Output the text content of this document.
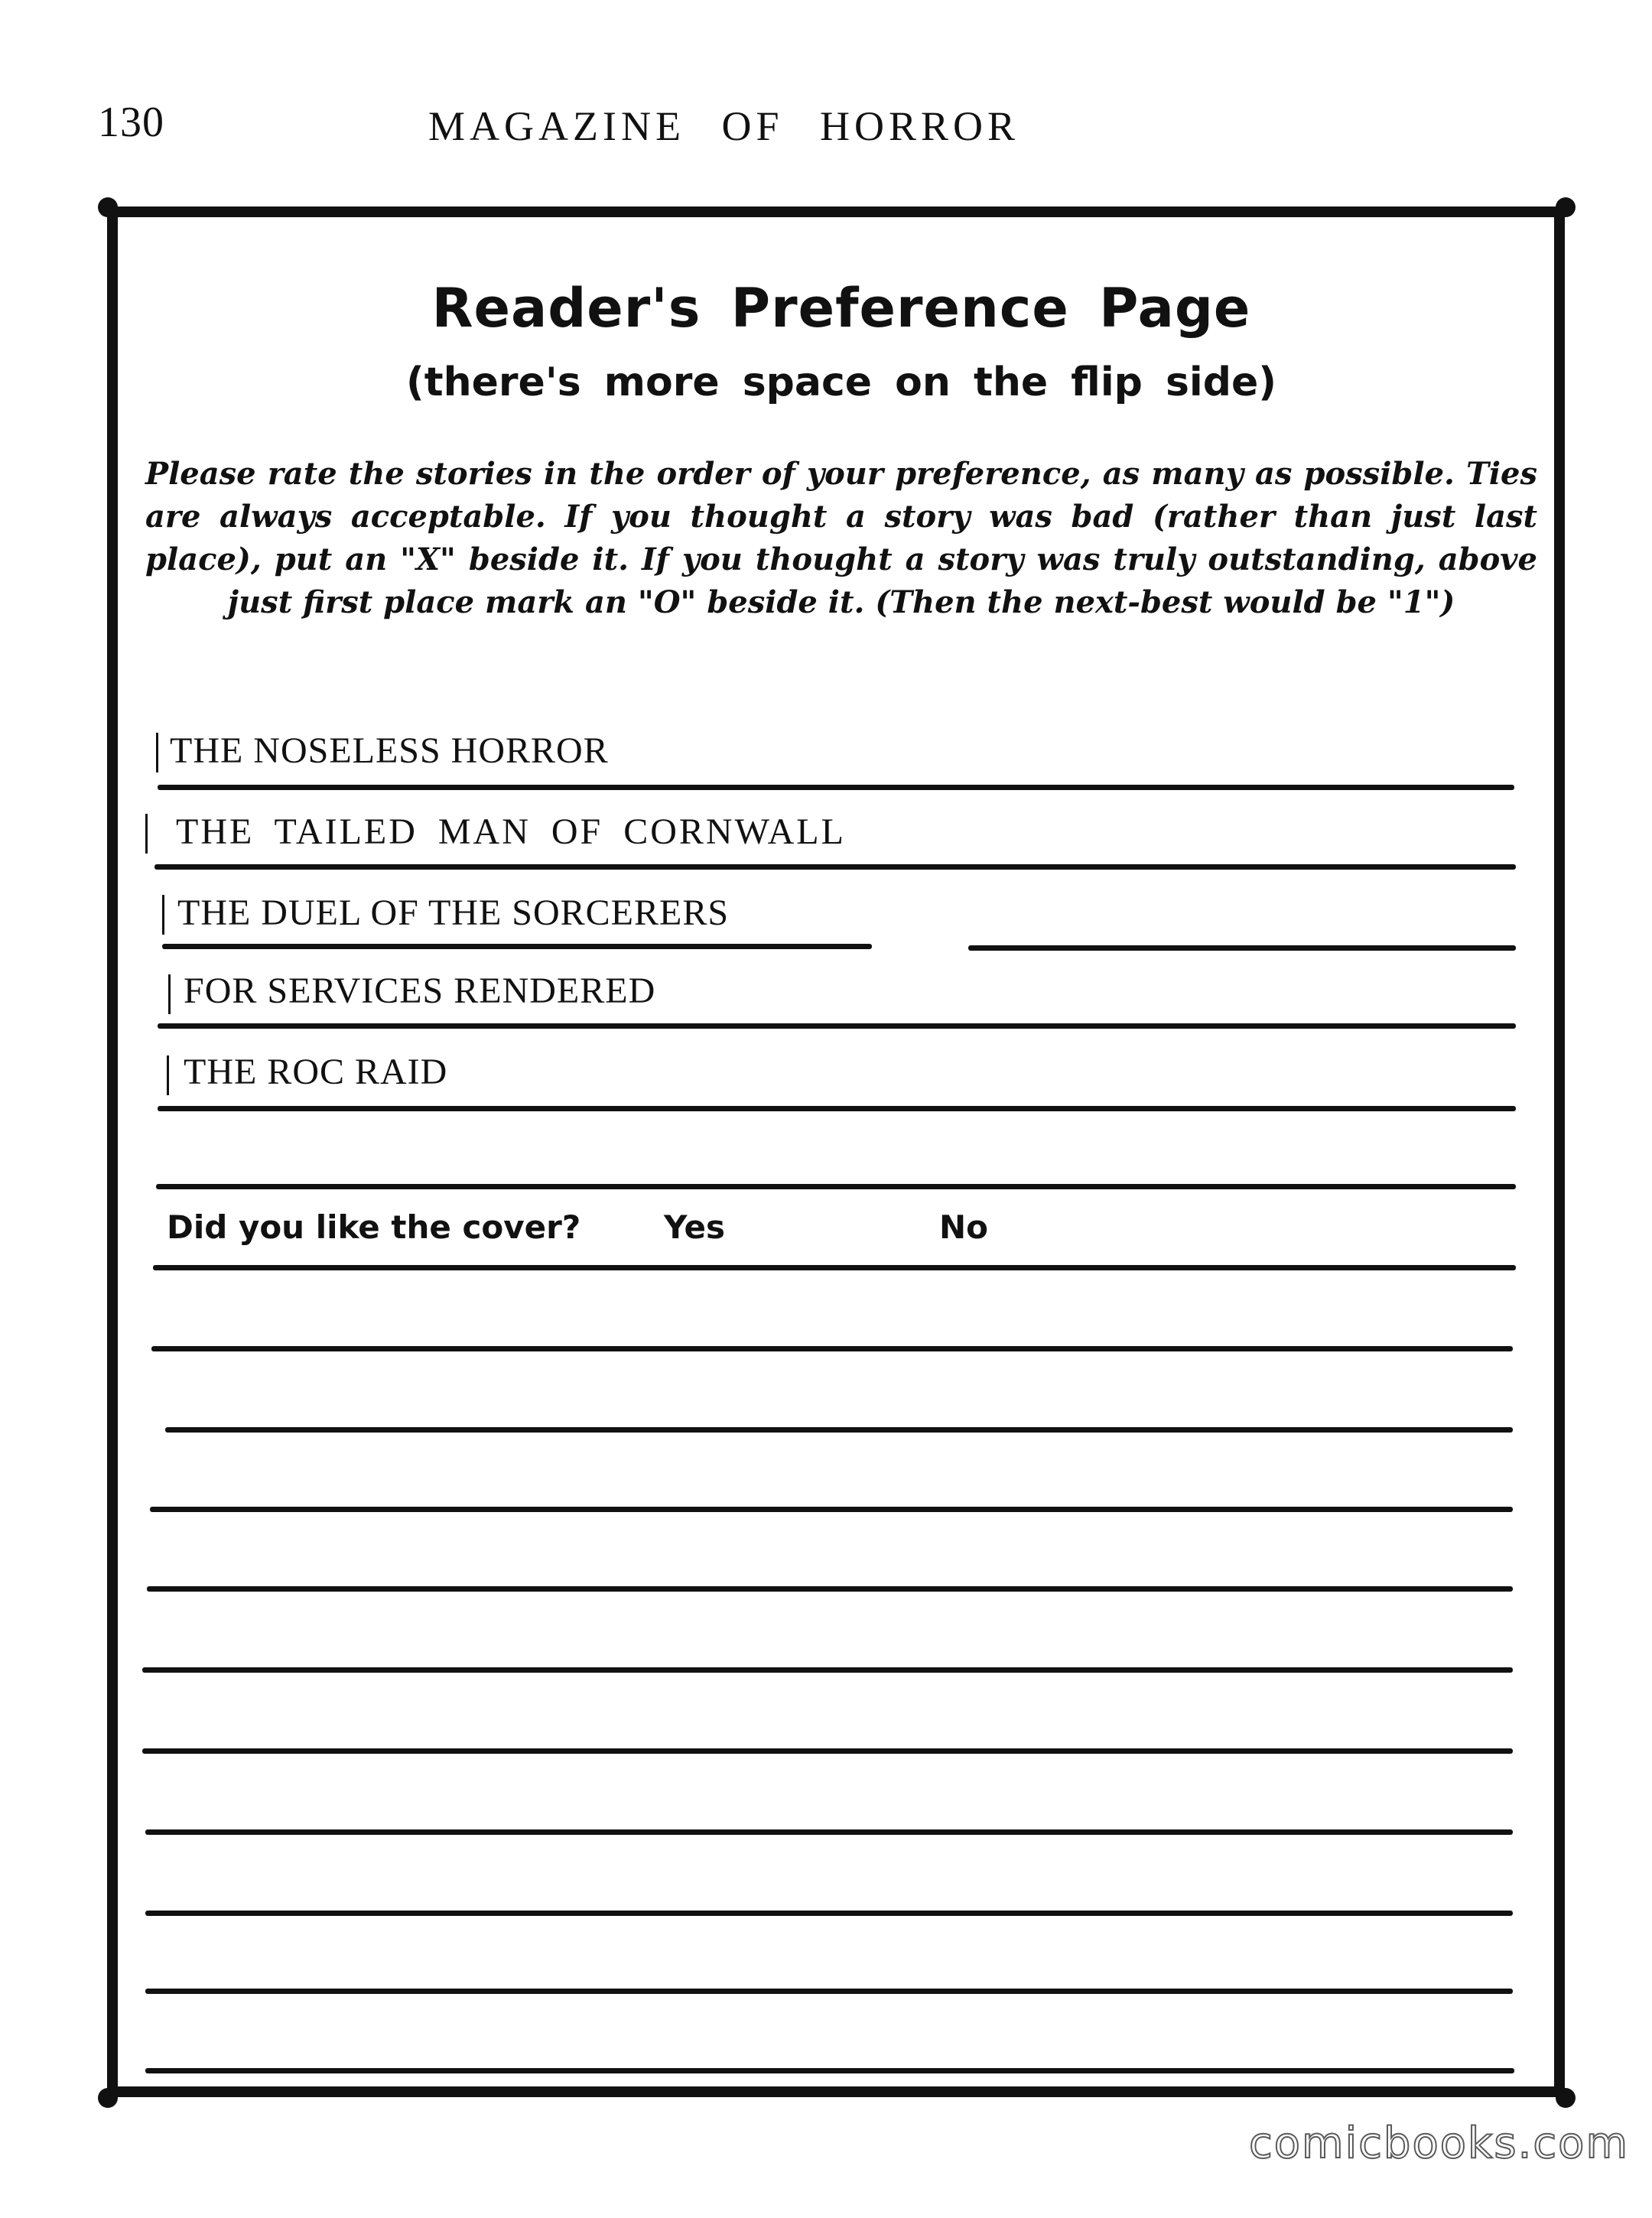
130	MAGAZINE OF HORROR
Reader's Preference Page
(there's more space on the flip side)
Please rate the stories in the order of your preference, as many as possible. Ties are always acceptable. If you thought a story was bad (rather than just last place), put an "X" beside it. If you thought a story was truly outstanding, above just first place mark an "O" beside it. (Then the next-best would be "1")
THE NOSELESS HORROR
THE TAILED MAN OF CORNWALL
THE DUEL OF THE SORCERERS
FOR SERVICES RENDERED
THE ROC RAID
Did you like the cover?	Yes	No
comicbooks.com
